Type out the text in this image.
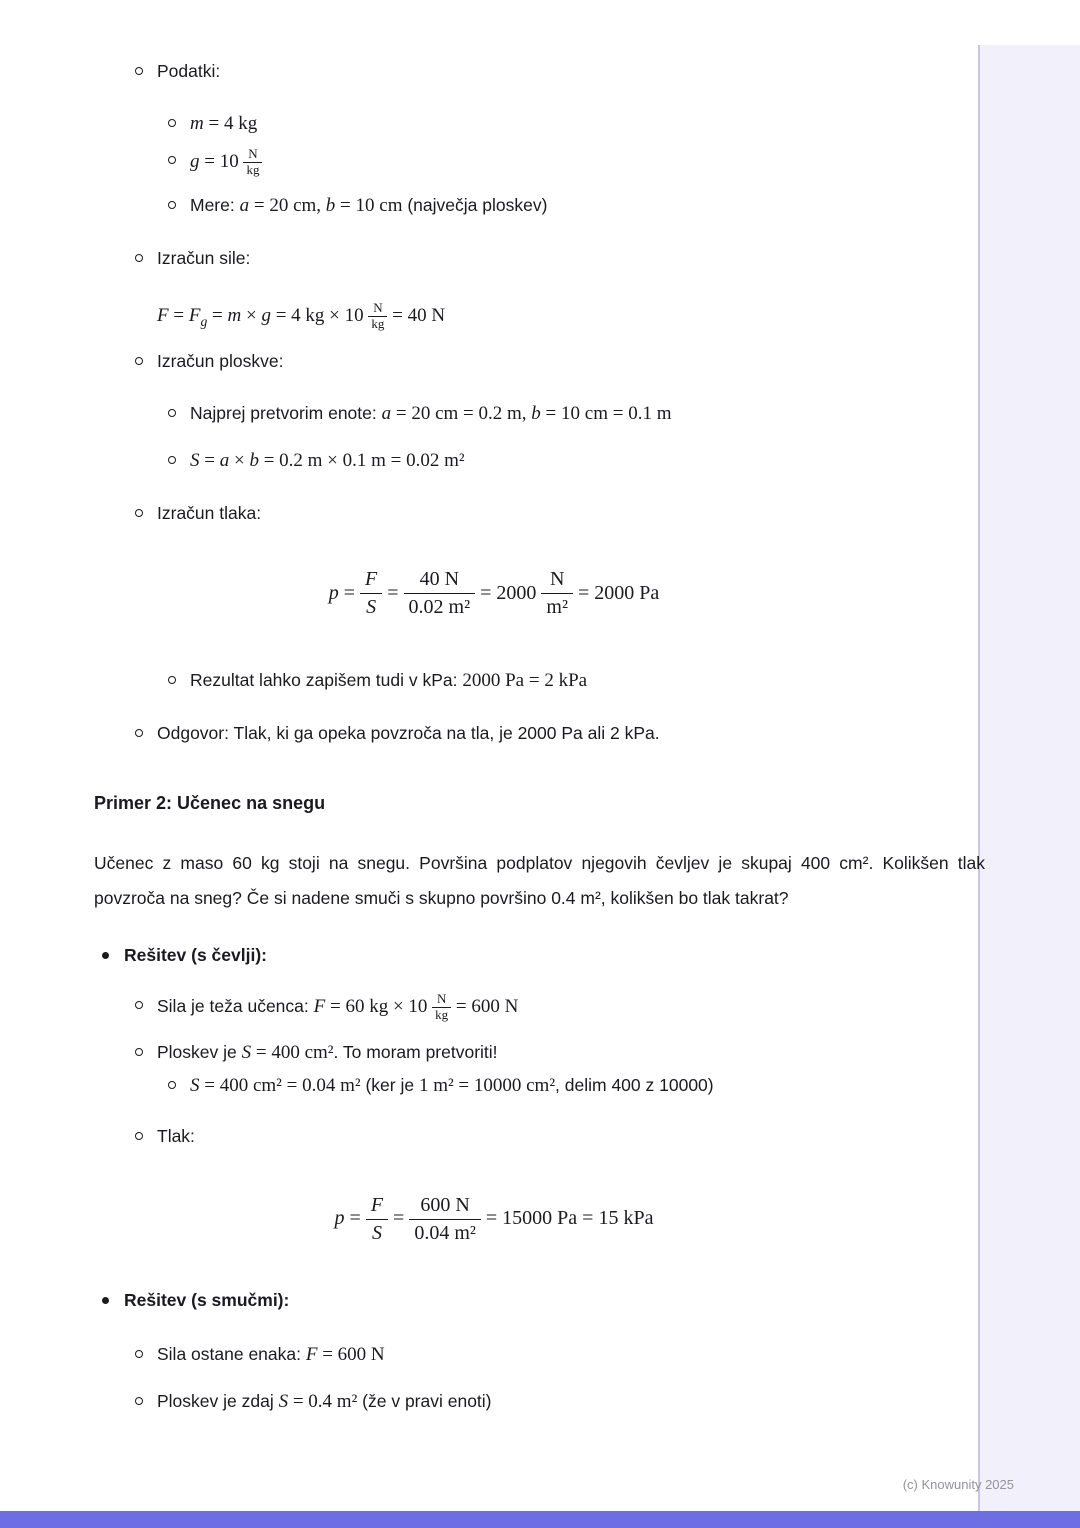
Podatki:
m = 4 kg
$g = 10 \frac{N}{kg}$
Mere: a = 20 cm, b = 10 cm (največja ploskev)
Izračun sile:
$F = F_g = m \times g = 4$ kg × $10 \frac{N}{kg} = 40$ N
Izračun ploskve:
Najprej pretvorim enote: a = 20 cm = 0.2 m, b = 10 cm = 0.1 m
S = a × b = 0.2 m × 0.1 m = 0.02 m²
Izračun tlaka:
$p = \frac{F}{S} = \frac{40 N}{\text{0.02 m²}} = 2000 \frac{N}{\text{m²}} = 2000$ Pa
Rezultat lahko zapišem tudi v kPa: 2000 Pa = 2 kPa
Odgovor: Tlak, ki ga opeka povzroča na tla, je 2000 Pa ali 2 kPa.
Primer 2: Učenec na snegu
Učenec z maso 60 kg stoji na snegu. Površina podplatov njegovih čevljev je skupaj 400 cm². Kolikšen tlak povzroča na sneg? Če si nadene smuči s skupno površino 0.4 m², kolikšen bo tlak takrat?
Rešitev (s čevlji):
Sila je teža učenca: F = 60 kg × $10 \frac{N}{kg} = 600$ N
Ploskev je S = 400 cm². To moram pretvoriti!
S = 400 cm² = 0.04 m² (ker je 1 m² = 10000 cm², delim 400 z 10000)
Tlak:
$p = \frac{F}{S} = \frac{600 N}{\text{0.04 m²}} = 15000$ Pa = 15 kPa
Rešitev (s smučmi):
Sila ostane enaka: F = 600 N
Ploskev je zdaj S = 0.4 m² (že v pravi enoti)
(c) Knowunity 2025
